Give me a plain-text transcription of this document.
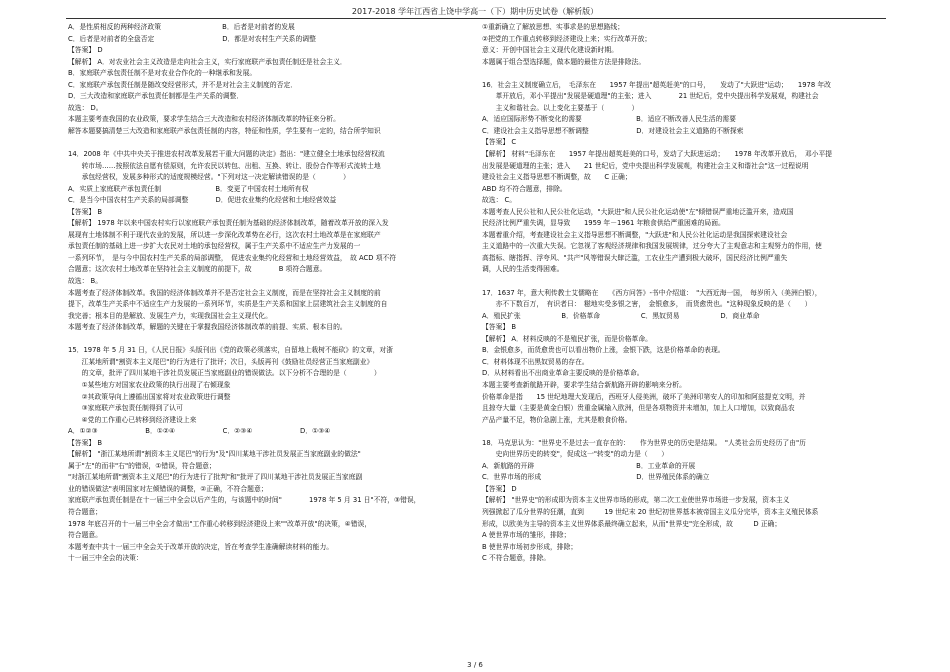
2017-2018 学年江西省上饶中学高一（下）期中历史试卷（解析版）
A．是性质相反的两种经济政策　　　　　　　　　B．后者是对前者的发展
C．后者是对前者的全盘否定　　　　　　　　　　D．都是对农村生产关系的调整
【答案】 D
【解析】 A．对农业社会主义改造是走向社会主义，实行家庭联产承包责任制还是社会主义．
B．家庭联产承包责任制不是对农业合作化的一种继承和发展。
C．家庭联产承包责任制是随改变经营形式，并不是对社会主义制度的否定．
D．三大改造和家庭联产承包责任制都是生产关系的调整．
故选： D。
本题主要考查我国的农业政策，要求学生结合三大改造和农村经济体制改革的特征来分析。
解答本题要搞清楚三大改造和家庭联产承包责任制的内容，特征和性质，学生要有一定的，结合所学知识
14．2008 年《中共中央关于推进农村改革发展若干重大问题的决定》指出："建立健全土地承包经营权流
　　转市场……按照依法自愿有偿原则，允许农民以转包、出租、互换、转让、股份合作等形式流转土地
　　承包经营权，发展多种形式的适度规模经营。"下列对这一决定解读错误的是（　　　　）
A．实质上家庭联产承包责任制　　　　　　　　B．变更了中国农村土地所有权
C．是当今中国农村生产关系的局部调整　　　　D．促进农业集约化经营和土地经营效益
【答案】 B
【解析】 1978 年以来中国农村实行以家庭联产承包责任制为基础的经济体制改革，随着改革开放的深入发
展现有土地体制不利于现代农业的发展，所以进一步深化改革势在必行，这次农村土地改革是在家庭联产
承包责任制的基础上进一步扩大农民对土地的承包经营权，属于生产关系中不适应生产力发展的一
一系列环节，　是与今中国农村生产关系的局部调整，　促进农业集约化经营和土地经营效益，　故 ACD 项不符
合题意；这次农村土地改革在坚持社会主义制度的前提下，故　　　　B 项符合题意。
故选： B。
本题考查了经济体制改革。我国的经济体制改革并不是否定社会主义制度，而是在坚持社会主义制度的前
提下，改革生产关系中不适应生产力发展的一系列环节，实质是生产关系和国家上层建筑社会主义制度的自
我完善；根本目的是解放、发展生产力，实现我国社会主义现代化。
本题考查了经济体制改革，解题的关键在于掌握我国经济体制改革的前提、实质、根本目的。
15．1978 年 5 月 31 日，《人民日报》头版刊出《党的政策必须落实，自留地上栽树不能砍》的文章，对浙
　　江某地所谓"割资本主义尾巴"的行为进行了批评；次日，头版再刊《鼓励社员经营正当家庭副业》
　　的文章，批评了四川某地干涉社员发展正当家庭副业的错误做法。以下分析不合理的是（　　　　）
　　①某些地方对国家农业政策的执行出现了右倾现象
　　②其政策导向上遵循出国家将对农业政策进行调整
　　③家庭联产承包责任制得到了认可
　　④党的工作重心已转移到经济建设上来
A．①②③　　　　　　　B．①②④　　　　　　　C．②③④　　　　　　　D．①③④
【答案】 B
【解析】 "浙江某地所谓"割资本主义尾巴"的行为"及"四川某地干涉社员发展正当家庭副业的做法"
属于"左"的而非"右"的错误，①错误，符合题意；
"对浙江某地所谓"割资本主义尾巴"的行为进行了批判"和"批评了四川某地干涉社员发展正当家庭副
业的错误做法"表明国家对左倾错误的调整，②正确，不符合题意；
家庭联产承包责任制是在十一届三中全会以后产生的，与该题中的时间"　　　　1978 年 5 月 31 日"不符，③错误，
符合题意；
1978 年底召开的十一届三中全会才做出"工作重心转移到经济建设上来""改革开放"的决策，④错误，
符合题意。
本题考查中共十一届三中全会关于改革开放的决定，旨在考查学生准确解读材料的能力。
十一届三中全会的决策：
①重新确立了解放思想、实事求是的思想路线；
②把党的工作重点转移到经济建设上来；实行改革开放；
意义：开创中国社会主义现代化建设新时期。
本题属于组合型选择题，做本题的最佳方法是排除法。
16．社会主义制度确立后，　毛泽东在　　1957 年提出"超英赶美"的口号，　　发动了"大跃进"运动；　　1978 年改
　　革开放后，邓小平提出"发展是硬道理"的主张；进入　　　　21 世纪后，党中央提出科学发展观，构建社会
　　主义和谐社会。以上变化主要基于（　　　　）
A．适应国际形势不断变化的需要　　　　　　　　B．适应不断改善人民生活的需要
C．建设社会主义指导思想不断调整　　　　　　　D．对建设社会主义道路的不断探索
【答案】 C
【解析】 材料"毛泽东在　　1957 年提出超英赶美的口号，发动了大跃进运动；　　1978 年改革开放后，　邓小平提
出发展是硬道理的主张；进入　　21 世纪后，党中央提出科学发展观，构建社会主义和谐社会"这一过程说明
建设社会主义指导思想不断调整，故　　C 正确；
ABD 均不符合题意，排除。
故选： C。
本题考查人民公社和人民公社化运动，"大跃进"和人民公社化运动使"左"倾错误严重地泛滥开来，造成国
民经济比例严重失调，显导致　　1959 年－1961 年粮食供给严重困难的局面。
本题着重介绍，考查建设社会主义指导思想不断调整，"大跃进"和人民公社化运动是我国探索建设社会
主义道路中的一次重大失误。它忽视了客观经济规律和我国发展规律，过分夸大了主观意志和主观努力的作用，使
高指标、瞎指挥、浮夸风、"共产"风等错误大肆泛滥，工农业生产遭到极大破坏，国民经济比例严重失
调，人民的生活变得困难。
17．1637 年，意大利传教士艾儒略在　　《西方问答》-书中介绍道：　"大西近海一国，　每岁所入（美洲白银），
　　亦不下数百万，　有识者曰：　糍地实受多银之害，　金银愈多，　而货愈贵也。"这种现象反映的是（　　）
A．殖民扩张　　　　　　B．价格革命　　　　　　C．黑奴贸易　　　　　　D．商业革命
【答案】 B
【解析】 A．材料反映的不是殖民扩张，而是价格革命。
B．金银愈多，而货愈贵也可以看出物价上涨，金银下跌，这是价格革命的表现。
C．材料体现不出黑奴贸易的存在。
D．从材料看出不出商业革命主要反映的是价格革命。
本题主要考查新航路开辟，要求学生结合新航路开辟的影响来分析。
价格革命是指　　15 世纪地理大发现后，西班牙人侵美洲，破坏了美洲印第安人的印加和阿兹提克文明，并
且掠夺大量（主要是黄金白银）贵重金属输入欧洲，但是各项物资并未增加，加上人口增加，以致商品农
产品产量不足，物价急剧上涨，尤其是粮食价格。
18．马克思认为："世界史不是过去一直存在的：　　作为世界史的历史是结果。　"人类社会历史经历了由"历
　　史向世界历史的转变"，促成这一"转变"的动力是（　　）
A．新航路的开辟　　　　　　　　　　　　　　　B．工业革命的开展
C．世界市场的形成　　　　　　　　　　　　　　D．世界殖民体系的确立
【答案】 D
【解析】 "世界史"的形成即为资本主义世界市场的形成，第二次工业使世界市场进一步发展，资本主义
列强掀起了瓜分世界的狂潮，直到　　　19 世纪末 20 世纪初世界基本被帝国主义瓜分完毕，资本主义殖民体系
形成，以欧美为主导的资本主义世界体系最终确立起来，从而"世界史"完全形成，故　　　D 正确；
A 使世界市场的雏形，排除；
B 使世界市场初步形成，排除；
C 不符合题意，排除。
3 / 6
